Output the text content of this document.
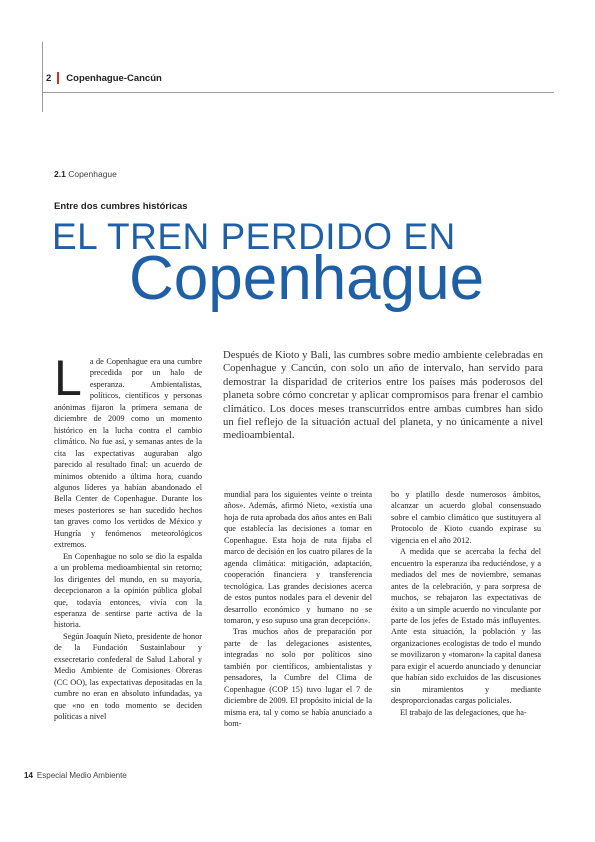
2 Copenhague-Cancún
2.1 Copenhague
Entre dos cumbres históricas
EL TREN PERDIDO EN
Copenhague

La de Copenhague era una cumbre precedida por un halo de esperanza. Ambientalistas, políticos, científicos y personas anónimas fijaron la primera semana de diciembre de 2009 como un momento histórico en la lucha contra el cambio climático. No fue así, y semanas antes de la cita las expectativas auguraban algo parecido al resultado final: un acuerdo de mínimos obtenido a última hora, cuando algunos líderes ya habían abandonado el Bella Center de Copenhague. Durante los meses posteriores se han sucedido hechos tan graves como los vertidos de México y Hungría y fenómenos meteorológicos extremos.

En Copenhague no solo se dio la espalda a un problema medioambiental sin retorno; los dirigentes del mundo, en su mayoría, decepcionaron a la opinión pública global que, todavía entonces, vivía con la esperanza de sentirse parte activa de la historia.

Según Joaquín Nieto, presidente de honor de la Fundación Sustainlabour y exsecretario confederal de Salud Laboral y Medio Ambiente de Comisiones Obreras (CC OO), las expectativas depositadas en la cumbre no eran en absoluto infundadas, ya que «no en todo momento se deciden políticas a nivel

Después de Kioto y Bali, las cumbres sobre medio ambiente celebradas en Copenhague y Cancún, con solo un año de intervalo, han servido para demostrar la disparidad de criterios entre los países más poderosos del planeta sobre cómo concretar y aplicar compromisos para frenar el cambio climático. Los doces meses transcurridos entre ambas cumbres han sido un fiel reflejo de la situación actual del planeta, y no únicamente a nivel medioambiental.

mundial para los siguientes veinte o treinta años». Además, afirmó Nieto, «existía una hoja de ruta aprobada dos años antes en Bali que establecía las decisiones a tomar en Copenhague. Esta hoja de ruta fijaba el marco de decisión en los cuatro pilares de la agenda climática: mitigación, adaptación, cooperación financiera y transferencia tecnológica. Las grandes decisiones acerca de estos puntos nodales para el devenir del desarrollo económico y humano no se tomaron, y eso supuso una gran decepción».

Tras muchos años de preparación por parte de las delegaciones asistentes, integradas no solo por políticos sino también por científicos, ambientalistas y pensadores, la Cumbre del Clima de Copenhague (COP 15) tuvo lugar el 7 de diciembre de 2009. El propósito inicial de la misma era, tal y como se había anunciado a bom-

bo y platillo desde numerosos ámbitos, alcanzar un acuerdo global consensuado sobre el cambio climático que sustituyera al Protocolo de Kioto cuando expirase su vigencia en el año 2012.

A medida que se acercaba la fecha del encuentro la esperanza iba reduciéndose, y a mediados del mes de noviembre, semanas antes de la celebración, y para sorpresa de muchos, se rebajaron las expectativas de éxito a un simple acuerdo no vinculante por parte de los jefes de Estado más influyentes. Ante esta situación, la población y las organizaciones ecologistas de todo el mundo se movilizaron y «tomaron» la capital danesa para exigir el acuerdo anunciado y denunciar que habían sido excluidos de las discusiones sin miramientos y mediante desproporcionadas cargas policiales.

El trabajo de las delegaciones, que ha-

14 Especial Medio Ambiente
